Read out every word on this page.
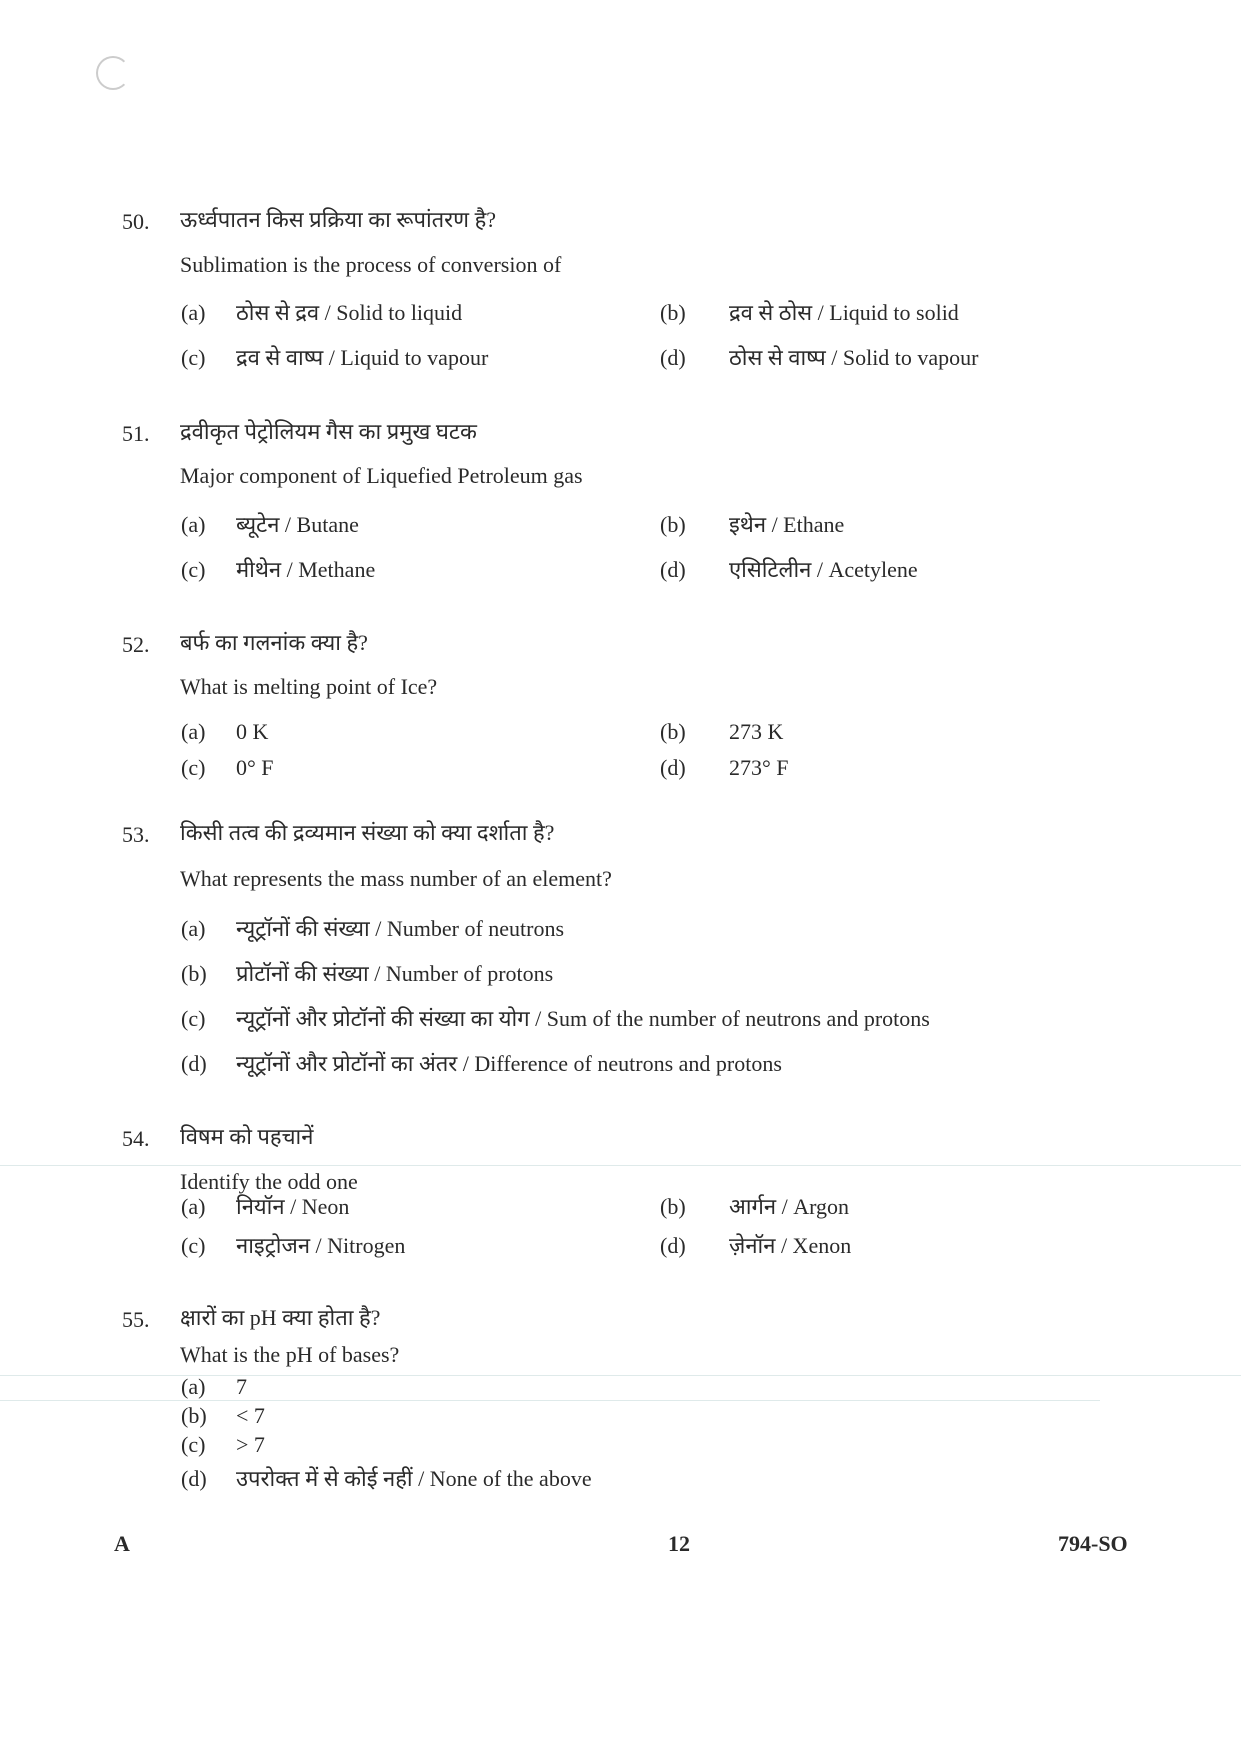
50. ऊर्ध्वपातन किस प्रक्रिया का रूपांतरण है?
Sublimation is the process of conversion of
(a) ठोस से द्रव / Solid to liquid	(b) द्रव से ठोस / Liquid to solid
(c) द्रव से वाष्प / Liquid to vapour	(d) ठोस से वाष्प / Solid to vapour
51. द्रवीकृत पेट्रोलियम गैस का प्रमुख घटक
Major component of Liquefied Petroleum gas
(a) ब्यूटेन / Butane	(b) इथेन / Ethane
(c) मीथेन / Methane	(d) एसिटिलीन / Acetylene
52. बर्फ का गलनांक क्या है?
What is melting point of Ice?
(a) 0 K	(b) 273 K
(c) 0° F	(d) 273° F
53. किसी तत्व की द्रव्यमान संख्या को क्या दर्शाता है?
What represents the mass number of an element?
(a) न्यूट्रॉनों की संख्या / Number of neutrons
(b) प्रोटॉनों की संख्या / Number of protons
(c) न्यूट्रॉनों और प्रोटॉनों की संख्या का योग / Sum of the number of neutrons and protons
(d) न्यूट्रॉनों और प्रोटॉनों का अंतर / Difference of neutrons and protons
54. विषम को पहचानें
Identify the odd one
(a) नियॉन / Neon	(b) आर्गन / Argon
(c) नाइट्रोजन / Nitrogen	(d) ज़ेनॉन / Xenon
55. क्षारों का pH क्या होता है?
What is the pH of bases?
(a) 7
(b) < 7
(c) > 7
(d) उपरोक्त में से कोई नहीं / None of the above
A	12	794-SO
